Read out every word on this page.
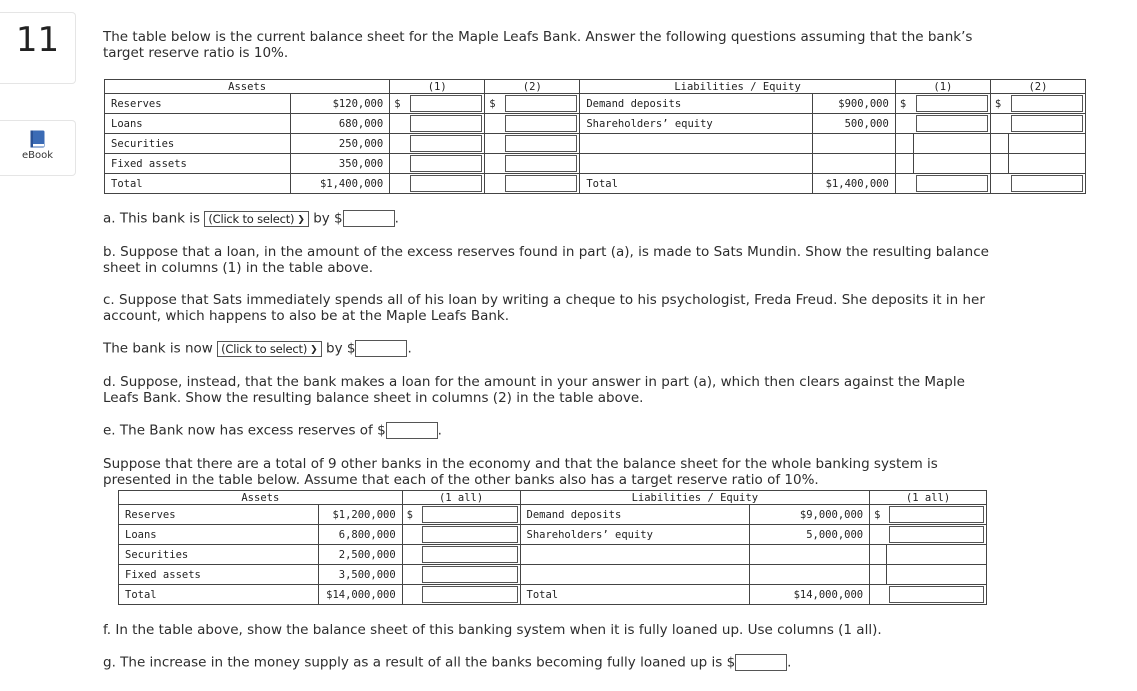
11
eBook
The table below is the current balance sheet for the Maple Leafs Bank. Answer the following questions assuming that the bank’s target reserve ratio is 10%.
Assets		(1)		(2)		Liabilities / Equity		(1)		(2)	
Reserves	$120,000	$		$		Demand deposits	$900,000	$		$	

Loans	680,000					Shareholders’ equity	500,000		

Securities	250,000		

Fixed assets	350,000		

Total	$1,400,000					Total	$1,400,000		

a. This bank is (Click to select) ❯ by $	.
b. Suppose that a loan, in the amount of the excess reserves found in part (a), is made to Sats Mundin. Show the resulting balance sheet in columns (1) in the table above.
c. Suppose that Sats immediately spends all of his loan by writing a cheque to his psychologist, Freda Freud. She deposits it in her account, which happens to also be at the Maple Leafs Bank.
The bank is now (Click to select) ❯ by $	.
d. Suppose, instead, that the bank makes a loan for the amount in your answer in part (a), which then clears against the Maple Leafs Bank. Show the resulting balance sheet in columns (2) in the table above.
e. The Bank now has excess reserves of $	.
Suppose that there are a total of 9 other banks in the economy and that the balance sheet for the whole banking system is presented in the table below. Assume that each of the other banks also has a target reserve ratio of 10%.
Assets		(1 all)		Liabilities / Equity		(1 all)	
Reserves	$1,200,000	$		Demand deposits	$9,000,000	$	

Loans	6,800,000			Shareholders’ equity	5,000,000		

Securities	2,500,000		

Fixed assets	3,500,000		

Total	$14,000,000			Total	$14,000,000		
f. In the table above, show the balance sheet of this banking system when it is fully loaned up. Use columns (1 all).
g. The increase in the money supply as a result of all the banks becoming fully loaned up is $	.
